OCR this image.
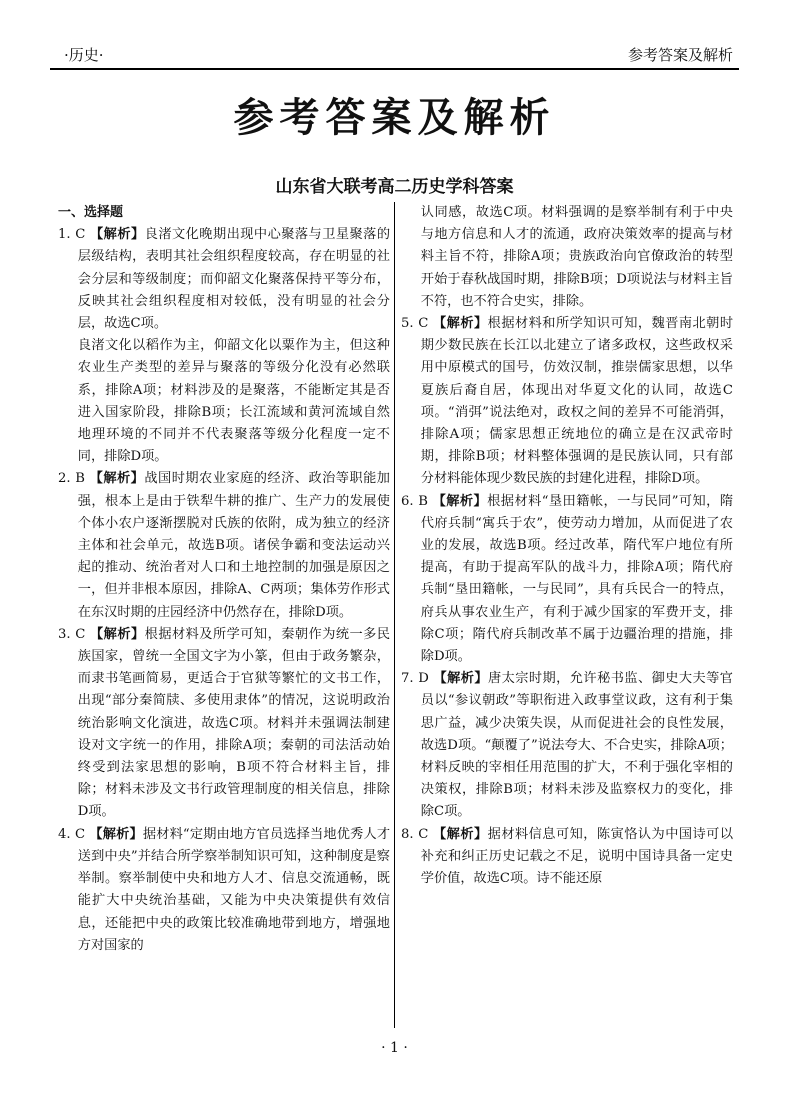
·历史·	参考答案及解析
参考答案及解析
山东省大联考高二历史学科答案
一、选择题
1. C 【解析】良渚文化晚期出现中心聚落与卫星聚落的层级结构，表明其社会组织程度较高，存在明显的社会分层和等级制度；而仰韶文化聚落保持平等分布，反映其社会组织程度相对较低，没有明显的社会分层，故选C项。
良渚文化以稻作为主，仰韶文化以粟作为主，但这种农业生产类型的差异与聚落的等级分化没有必然联系，排除A项；材料涉及的是聚落，不能断定其是否进入国家阶段，排除B项；长江流域和黄河流域自然地理环境的不同并不代表聚落等级分化程度一定不同，排除D项。
2. B 【解析】战国时期农业家庭的经济、政治等职能加强，根本上是由于铁犁牛耕的推广、生产力的发展使个体小农户逐渐摆脱对氏族的依附，成为独立的经济主体和社会单元，故选B项。诸侯争霸和变法运动兴起的推动、统治者对人口和土地控制的加强是原因之一，但并非根本原因，排除A、C两项；集体劳作形式在东汉时期的庄园经济中仍然存在，排除D项。
3. C 【解析】根据材料及所学可知，秦朝作为统一多民族国家，曾统一全国文字为小篆，但由于政务繁杂，而隶书笔画简易，更适合于官狱等繁忙的文书工作，出现“部分秦简牍、多使用隶体”的情况，这说明政治统治影响文化演进，故选C项。材料并未强调法制建设对文字统一的作用，排除A项；秦朝的司法活动始终受到法家思想的影响，B项不符合材料主旨，排除；材料未涉及文书行政管理制度的相关信息，排除D项。
4. C 【解析】据材料“定期由地方官员选择当地优秀人才送到中央”并结合所学察举制知识可知，这种制度是察举制。察举制使中央和地方人才、信息交流通畅，既能扩大中央统治基础，又能为中央决策提供有效信息，还能把中央的政策比较准确地带到地方，增强地方对国家的
认同感，故选C项。材料强调的是察举制有利于中央与地方信息和人才的流通，政府决策效率的提高与材料主旨不符，排除A项；贵族政治向官僚政治的转型开始于春秋战国时期，排除B项；D项说法与材料主旨不符，也不符合史实，排除。
5. C 【解析】根据材料和所学知识可知，魏晋南北朝时期少数民族在长江以北建立了诸多政权，这些政权采用中原模式的国号，仿效汉制，推崇儒家思想，以华夏族后裔自居，体现出对华夏文化的认同，故选C项。“消弭”说法绝对，政权之间的差异不可能消弭，排除A项；儒家思想正统地位的确立是在汉武帝时期，排除B项；材料整体强调的是民族认同，只有部分材料能体现少数民族的封建化进程，排除D项。
6. B 【解析】根据材料“垦田籍帐，一与民同”可知，隋代府兵制“寓兵于农”，使劳动力增加，从而促进了农业的发展，故选B项。经过改革，隋代军户地位有所提高，有助于提高军队的战斗力，排除A项；隋代府兵制“垦田籍帐，一与民同”，具有兵民合一的特点，府兵从事农业生产，有利于减少国家的军费开支，排除C项；隋代府兵制改革不属于边疆治理的措施，排除D项。
7. D 【解析】唐太宗时期，允许秘书监、御史大夫等官员以“参议朝政”等职衔进入政事堂议政，这有利于集思广益，减少决策失误，从而促进社会的良性发展，故选D项。“颠覆了”说法夸大、不合史实，排除A项；材料反映的宰相任用范围的扩大，不利于强化宰相的决策权，排除B项；材料未涉及监察权力的变化，排除C项。
8. C 【解析】据材料信息可知，陈寅恪认为中国诗可以补充和纠正历史记载之不足，说明中国诗具备一定史学价值，故选C项。诗不能还原
· 1 ·
